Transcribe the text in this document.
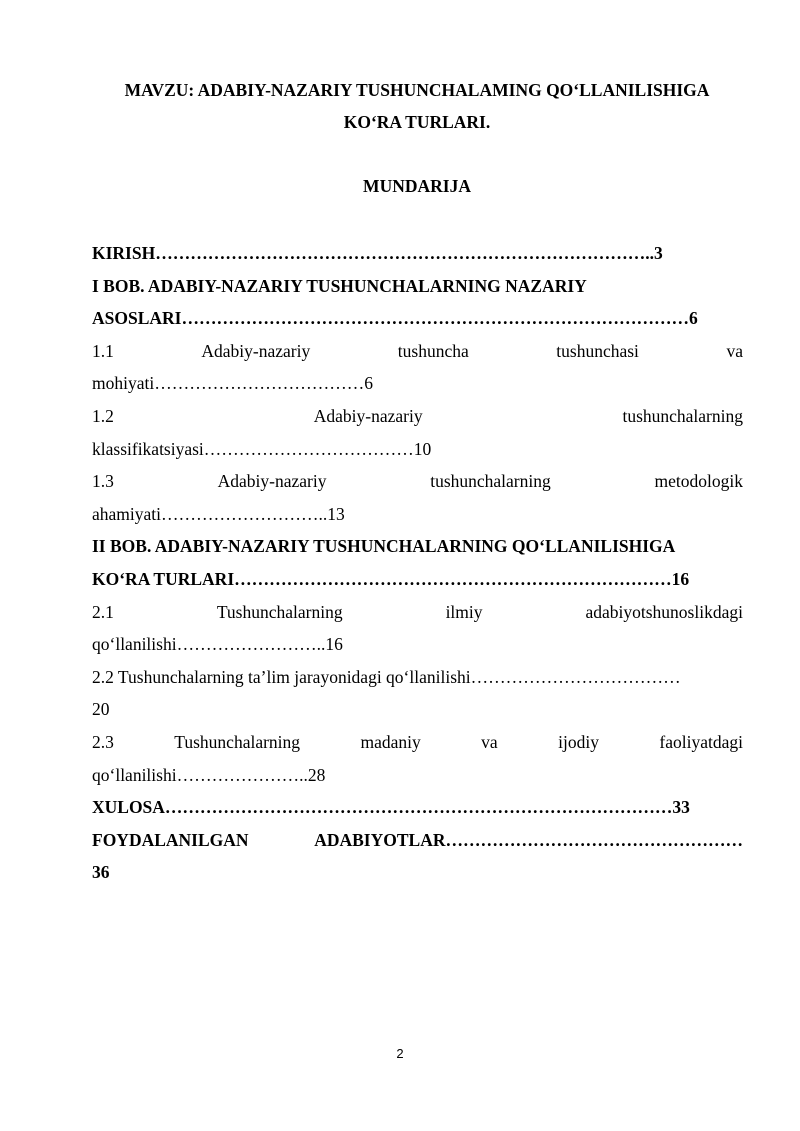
MAVZU: ADABIY-NAZARIY TUSHUNCHALAMING QO‘LLANILISHIGA
KO‘RA TURLARI.
MUNDARIJA
KIRISH…………………………………………………………………………..3
I BOB. ADABIY-NAZARIY TUSHUNCHALARNING NAZARIY
ASOSLARI……………………………………………………………………………6
1.1	Adabiy-nazariy	tushuncha	tushunchasi	va
mohiyati………………………………6
1.2	Adabiy-nazariy	tushunchalarning
klassifikatsiyasi………………………………10
1.3	Adabiy-nazariy	tushunchalarning	metodologik
ahamiyati………………………..13
II BOB. ADABIY-NAZARIY TUSHUNCHALARNING QO‘LLANILISHIGA
KO‘RA TURLARI…………………………………………………………………16
2.1	Tushunchalarning	ilmiy	adabiyotshunoslikdagi
qo‘llanilishi……………………..16
2.2 Tushunchalarning ta’lim jarayonidagi qo‘llanilishi………………………………
20
2.3	Tushunchalarning	madaniy	va	ijodiy	faoliyatdagi
qo‘llanilishi…………………..28
XULOSA……………………………………………………………………………33
FOYDALANILGAN	ADABIYOTLAR……………………………………………
36
2
